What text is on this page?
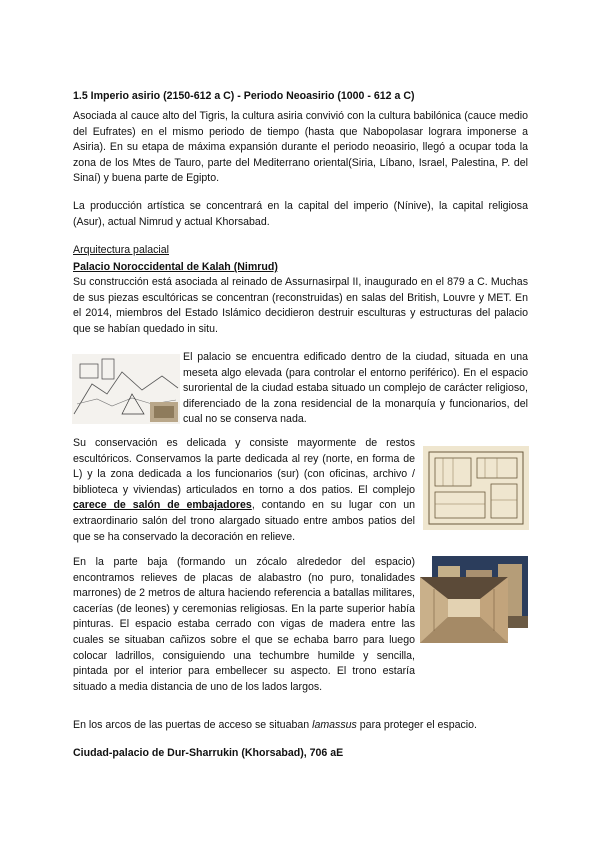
1.5 Imperio asirio (2150-612 a C) - Periodo Neoasirio (1000 - 612 a C)

Asociada al cauce alto del Tigris, la cultura asiria convivió con la cultura babilónica (cauce medio del Eufrates) en el mismo periodo de tiempo (hasta que Nabopolasar lograra imponerse a Asiria). En su etapa de máxima expansión durante el periodo neoasirio, llegó a ocupar toda la zona de los Mtes de Tauro, parte del Mediterrano oriental(Siria, Líbano, Israel, Palestina, P. del Sinaí) y buena parte de Egipto.

La producción artística se concentrará en la capital del imperio (Nínive), la capital religiosa (Asur), actual Nimrud y actual Khorsabad.

Arquitectura palacial

Palacio Noroccidental de Kalah (Nimrud)

Su construcción está asociada al reinado de Assurnasirpal II, inaugurado en el 879 a C. Muchas de sus piezas escultóricas se concentran (reconstruidas) en salas del British, Louvre y MET. En el 2014, miembros del Estado Islámico decidieron destruir esculturas y estructuras del palacio que se habían quedado in situ.

El palacio se encuentra edificado dentro de la ciudad, situada en una meseta algo elevada (para controlar el entorno periférico). En el espacio suroriental de la ciudad estaba situado un complejo de carácter religioso, diferenciado de la zona residencial de la monarquía y funcionarios, del cual no se conserva nada.

Su conservación es delicada y consiste mayormente de restos escultóricos. Conservamos la parte dedicada al rey (norte, en forma de L) y la zona dedicada a los funcionarios (sur) (con oficinas, archivo / biblioteca y viviendas) articulados en torno a dos patios. El complejo carece de salón de embajadores, contando en su lugar con un extraordinario salón del trono alargado situado entre ambos patios del que se ha conservado la decoración en relieve.

En la parte baja (formando un zócalo alrededor del espacio) encontramos relieves de placas de alabastro (no puro, tonalidades marrones) de 2 metros de altura haciendo referencia a batallas militares, cacerías (de leones) y ceremonias religiosas. En la parte superior había pinturas. El espacio estaba cerrado con vigas de madera entre las cuales se situaban cañizos sobre el que se echaba barro para luego colocar ladrillos, consiguiendo una techumbre humilde y sencilla, pintada por el interior para embellecer su aspecto. El trono estaría situado a media distancia de uno de los lados largos.

En los arcos de las puertas de acceso se situaban lamassus para proteger el espacio.

Ciudad-palacio de Dur-Sharrukin (Khorsabad), 706 aE
